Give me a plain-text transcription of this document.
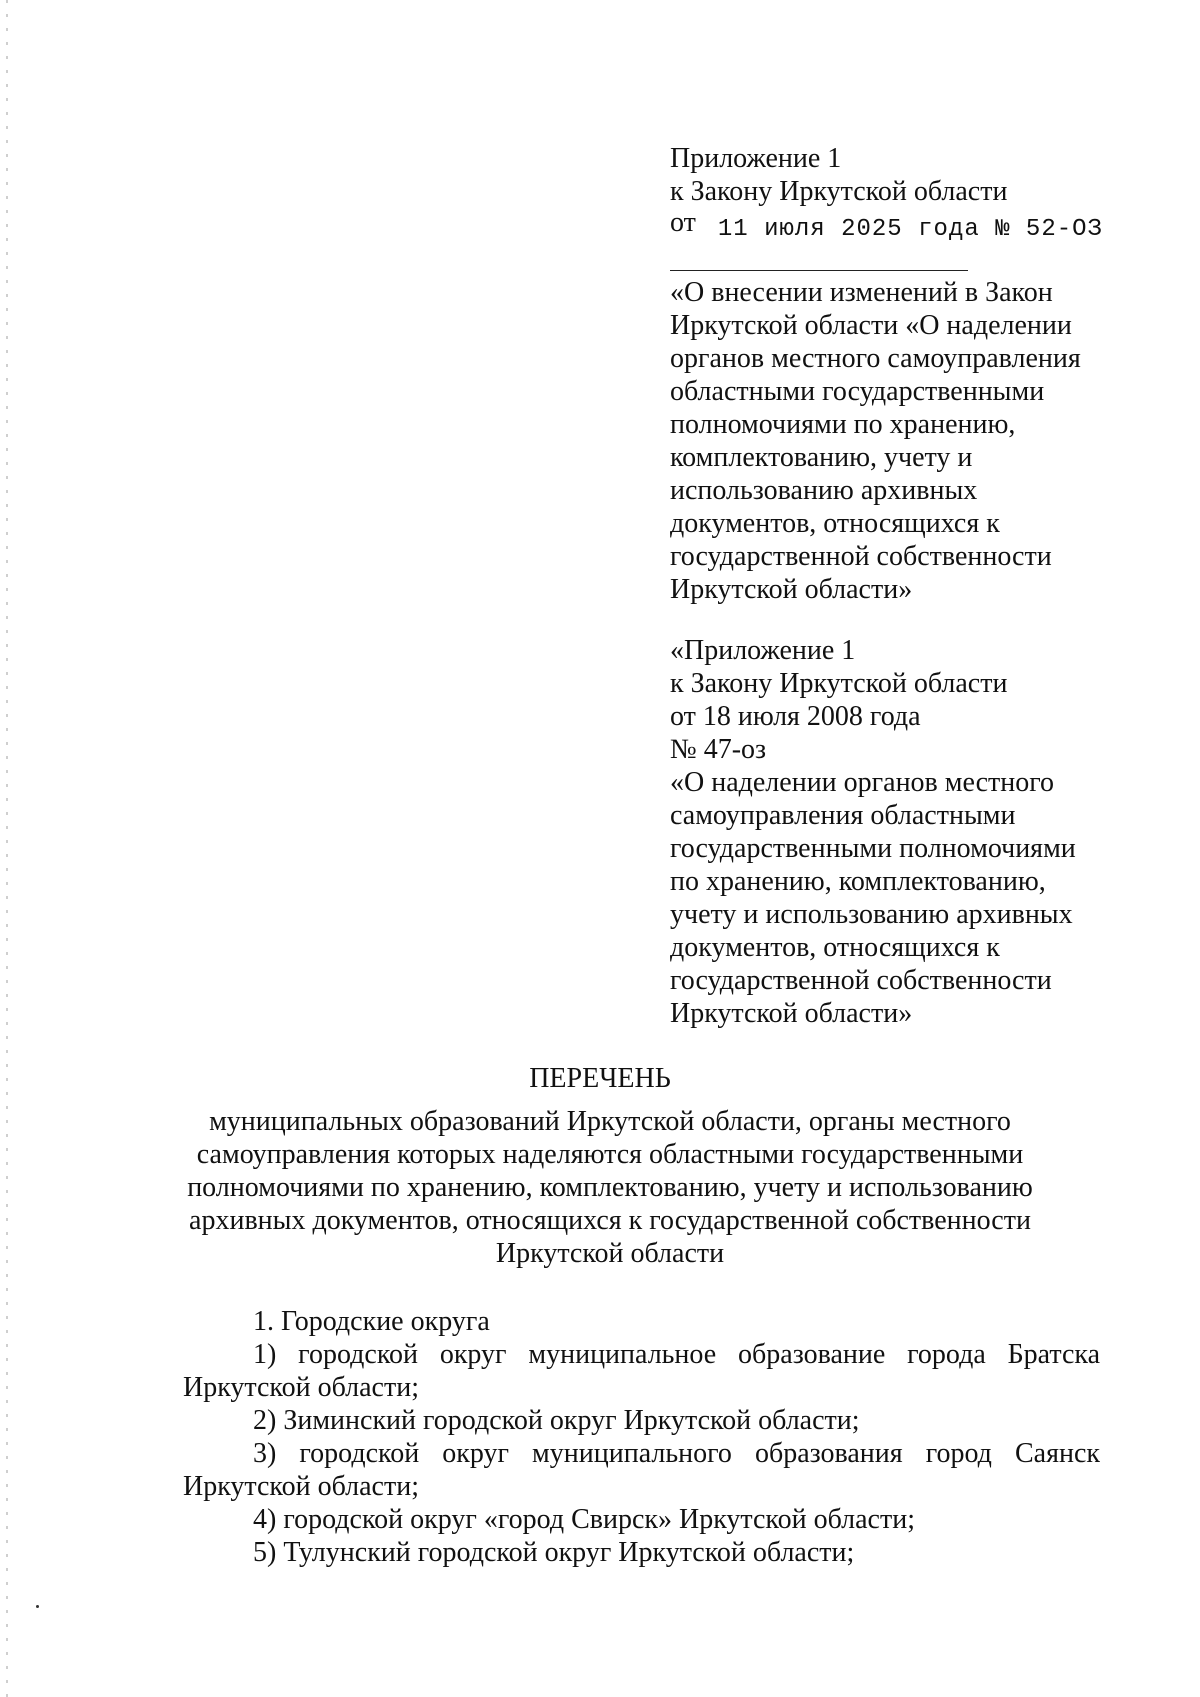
Приложение 1
к Закону Иркутской области
от 11 июля 2025 года № 52-ОЗ
«О внесении изменений в Закон
Иркутской области «О наделении
органов местного самоуправления
областными государственными
полномочиями по хранению,
комплектованию, учету и
использованию архивных
документов, относящихся к
государственной собственности
Иркутской области»
«Приложение 1
к Закону Иркутской области
от 18 июля 2008 года
№ 47-оз
«О наделении органов местного
самоуправления областными
государственными полномочиями
по хранению, комплектованию,
учету и использованию архивных
документов, относящихся к
государственной собственности
Иркутской области»
ПЕРЕЧЕНЬ
муниципальных образований Иркутской области, органы местного
самоуправления которых наделяются областными государственными
полномочиями по хранению, комплектованию, учету и использованию
архивных документов, относящихся к государственной собственности
Иркутской области
1. Городские округа
1) городской округ муниципальное образование города Братска
Иркутской области;
2) Зиминский городской округ Иркутской области;
3) городской округ муниципального образования город Саянск
Иркутской области;
4) городской округ «город Свирск» Иркутской области;
5) Тулунский городской округ Иркутской области;
